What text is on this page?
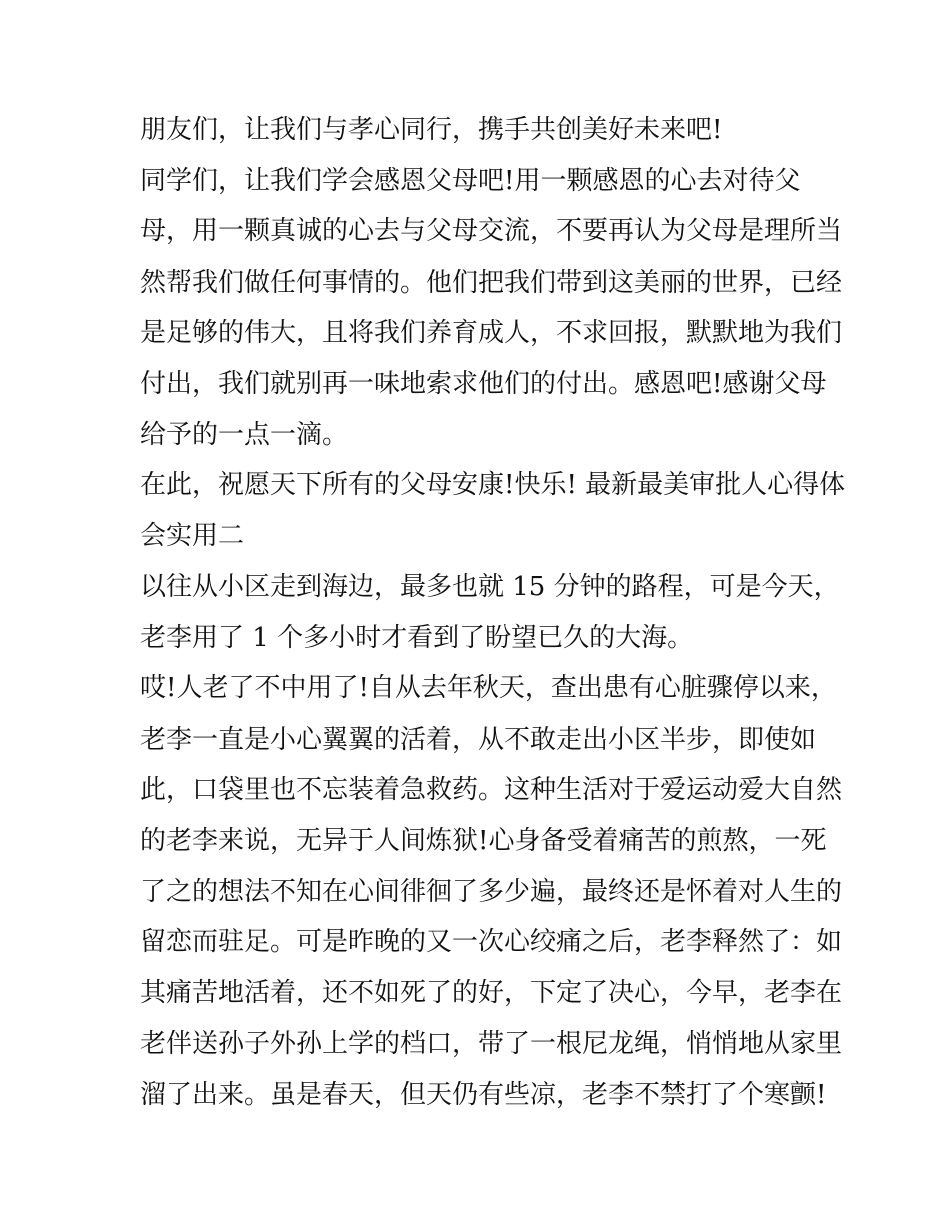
朋友们，让我们与孝心同行，携手共创美好未来吧!
同学们，让我们学会感恩父母吧!用一颗感恩的心去对待父
母，用一颗真诚的心去与父母交流，不要再认为父母是理所当
然帮我们做任何事情的。他们把我们带到这美丽的世界，已经
是足够的伟大，且将我们养育成人，不求回报，默默地为我们
付出，我们就别再一味地索求他们的付出。感恩吧!感谢父母
给予的一点一滴。
在此，祝愿天下所有的父母安康!快乐! 最新最美审批人心得体
会实用二
以往从小区走到海边，最多也就 15 分钟的路程，可是今天，
老李用了 1 个多小时才看到了盼望已久的大海。
哎!人老了不中用了!自从去年秋天，查出患有心脏骤停以来，
老李一直是小心翼翼的活着，从不敢走出小区半步，即使如
此，口袋里也不忘装着急救药。这种生活对于爱运动爱大自然
的老李来说，无异于人间炼狱!心身备受着痛苦的煎熬，一死
了之的想法不知在心间徘徊了多少遍，最终还是怀着对人生的
留恋而驻足。可是昨晚的又一次心绞痛之后，老李释然了：如
其痛苦地活着，还不如死了的好，下定了决心，今早，老李在
老伴送孙子外孙上学的档口，带了一根尼龙绳，悄悄地从家里
溜了出来。虽是春天，但天仍有些凉，老李不禁打了个寒颤!
